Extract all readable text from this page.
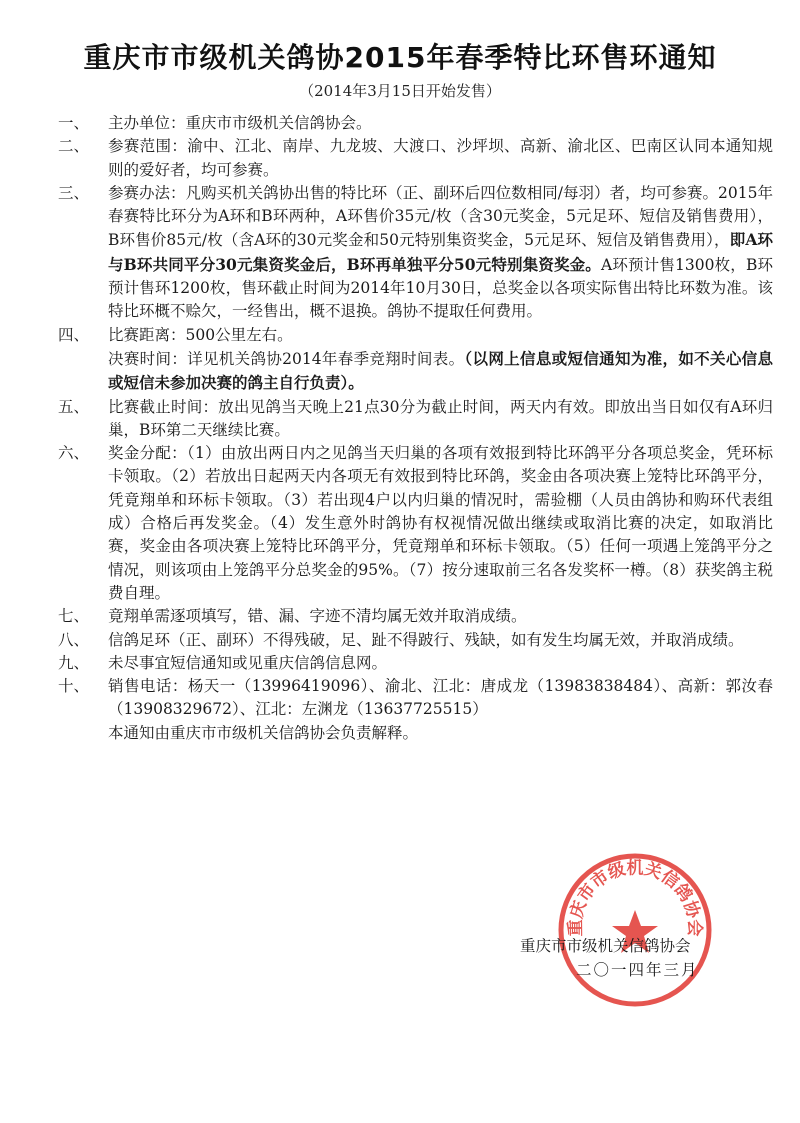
重庆市市级机关鸽协2015年春季特比环售环通知
（2014年3月15日开始发售）
一、	主办单位：重庆市市级机关信鸽协会。
二、	参赛范围：渝中、江北、南岸、九龙坡、大渡口、沙坪坝、高新、渝北区、巴南区认同本通知规则的爱好者，均可参赛。
三、	参赛办法：凡购买机关鸽协出售的特比环（正、副环后四位数相同/每羽）者，均可参赛。2015年春赛特比环分为A环和B环两种，A环售价35元/枚（含30元奖金，5元足环、短信及销售费用），B环售价85元/枚（含A环的30元奖金和50元特别集资奖金，5元足环、短信及销售费用），即A环与B环共同平分30元集资奖金后，B环再单独平分50元特别集资奖金。A环预计售1300枚，B环预计售环1200枚，售环截止时间为2014年10月30日，总奖金以各项实际售出特比环数为准。该特比环概不赊欠，一经售出，概不退换。鸽协不提取任何费用。
四、	比赛距离：500公里左右。
决赛时间：详见机关鸽协2014年春季竞翔时间表。（以网上信息或短信通知为准，如不关心信息或短信未参加决赛的鸽主自行负责）。
五、	比赛截止时间：放出见鸽当天晚上21点30分为截止时间，两天内有效。即放出当日如仅有A环归巢，B环第二天继续比赛。
六、	奖金分配：（1）由放出两日内之见鸽当天归巢的各项有效报到特比环鸽平分各项总奖金，凭环标卡领取。（2）若放出日起两天内各项无有效报到特比环鸽，奖金由各项决赛上笼特比环鸽平分，凭竟翔单和环标卡领取。（3）若出现4户以内归巢的情况时，需验棚（人员由鸽协和购环代表组成）合格后再发奖金。（4）发生意外时鸽协有权视情况做出继续或取消比赛的决定，如取消比赛，奖金由各项决赛上笼特比环鸽平分，凭竟翔单和环标卡领取。（5）任何一项遇上笼鸽平分之情况，则该项由上笼鸽平分总奖金的95%。（7）按分速取前三名各发奖杯一樽。（8）获奖鸽主税费自理。
七、	竟翔单需逐项填写，错、漏、字迹不清均属无效并取消成绩。
八、	信鸽足环（正、副环）不得残破，足、趾不得跛行、残缺，如有发生均属无效，并取消成绩。
九、	未尽事宜短信通知或见重庆信鸽信息网。
十、	销售电话：杨天一（13996419096）、渝北、江北：唐成龙（13983838484）、高新：郭汝春（13908329672）、江北：左渊龙（13637725515）
本通知由重庆市市级机关信鸽协会负责解释。
重庆市市级机关信鸽协会
重庆市市级机关信鸽协会
二〇一四年三月
